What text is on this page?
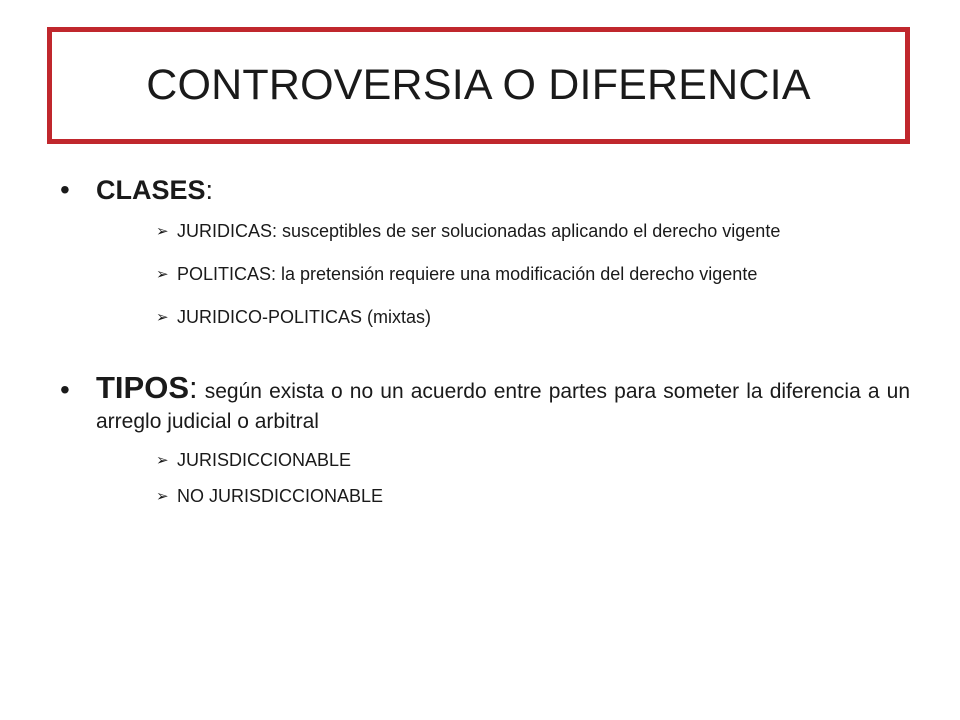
CONTROVERSIA O DIFERENCIA
• CLASES:
➢ JURIDICAS: susceptibles de ser solucionadas aplicando el derecho vigente
➢ POLITICAS: la pretensión requiere una modificación del derecho vigente
➢ JURIDICO-POLITICAS (mixtas)
• TIPOS: según exista o no un acuerdo entre partes para someter la diferencia a un arreglo judicial o arbitral
➢ JURISDICCIONABLE
➢ NO JURISDICCIONABLE
